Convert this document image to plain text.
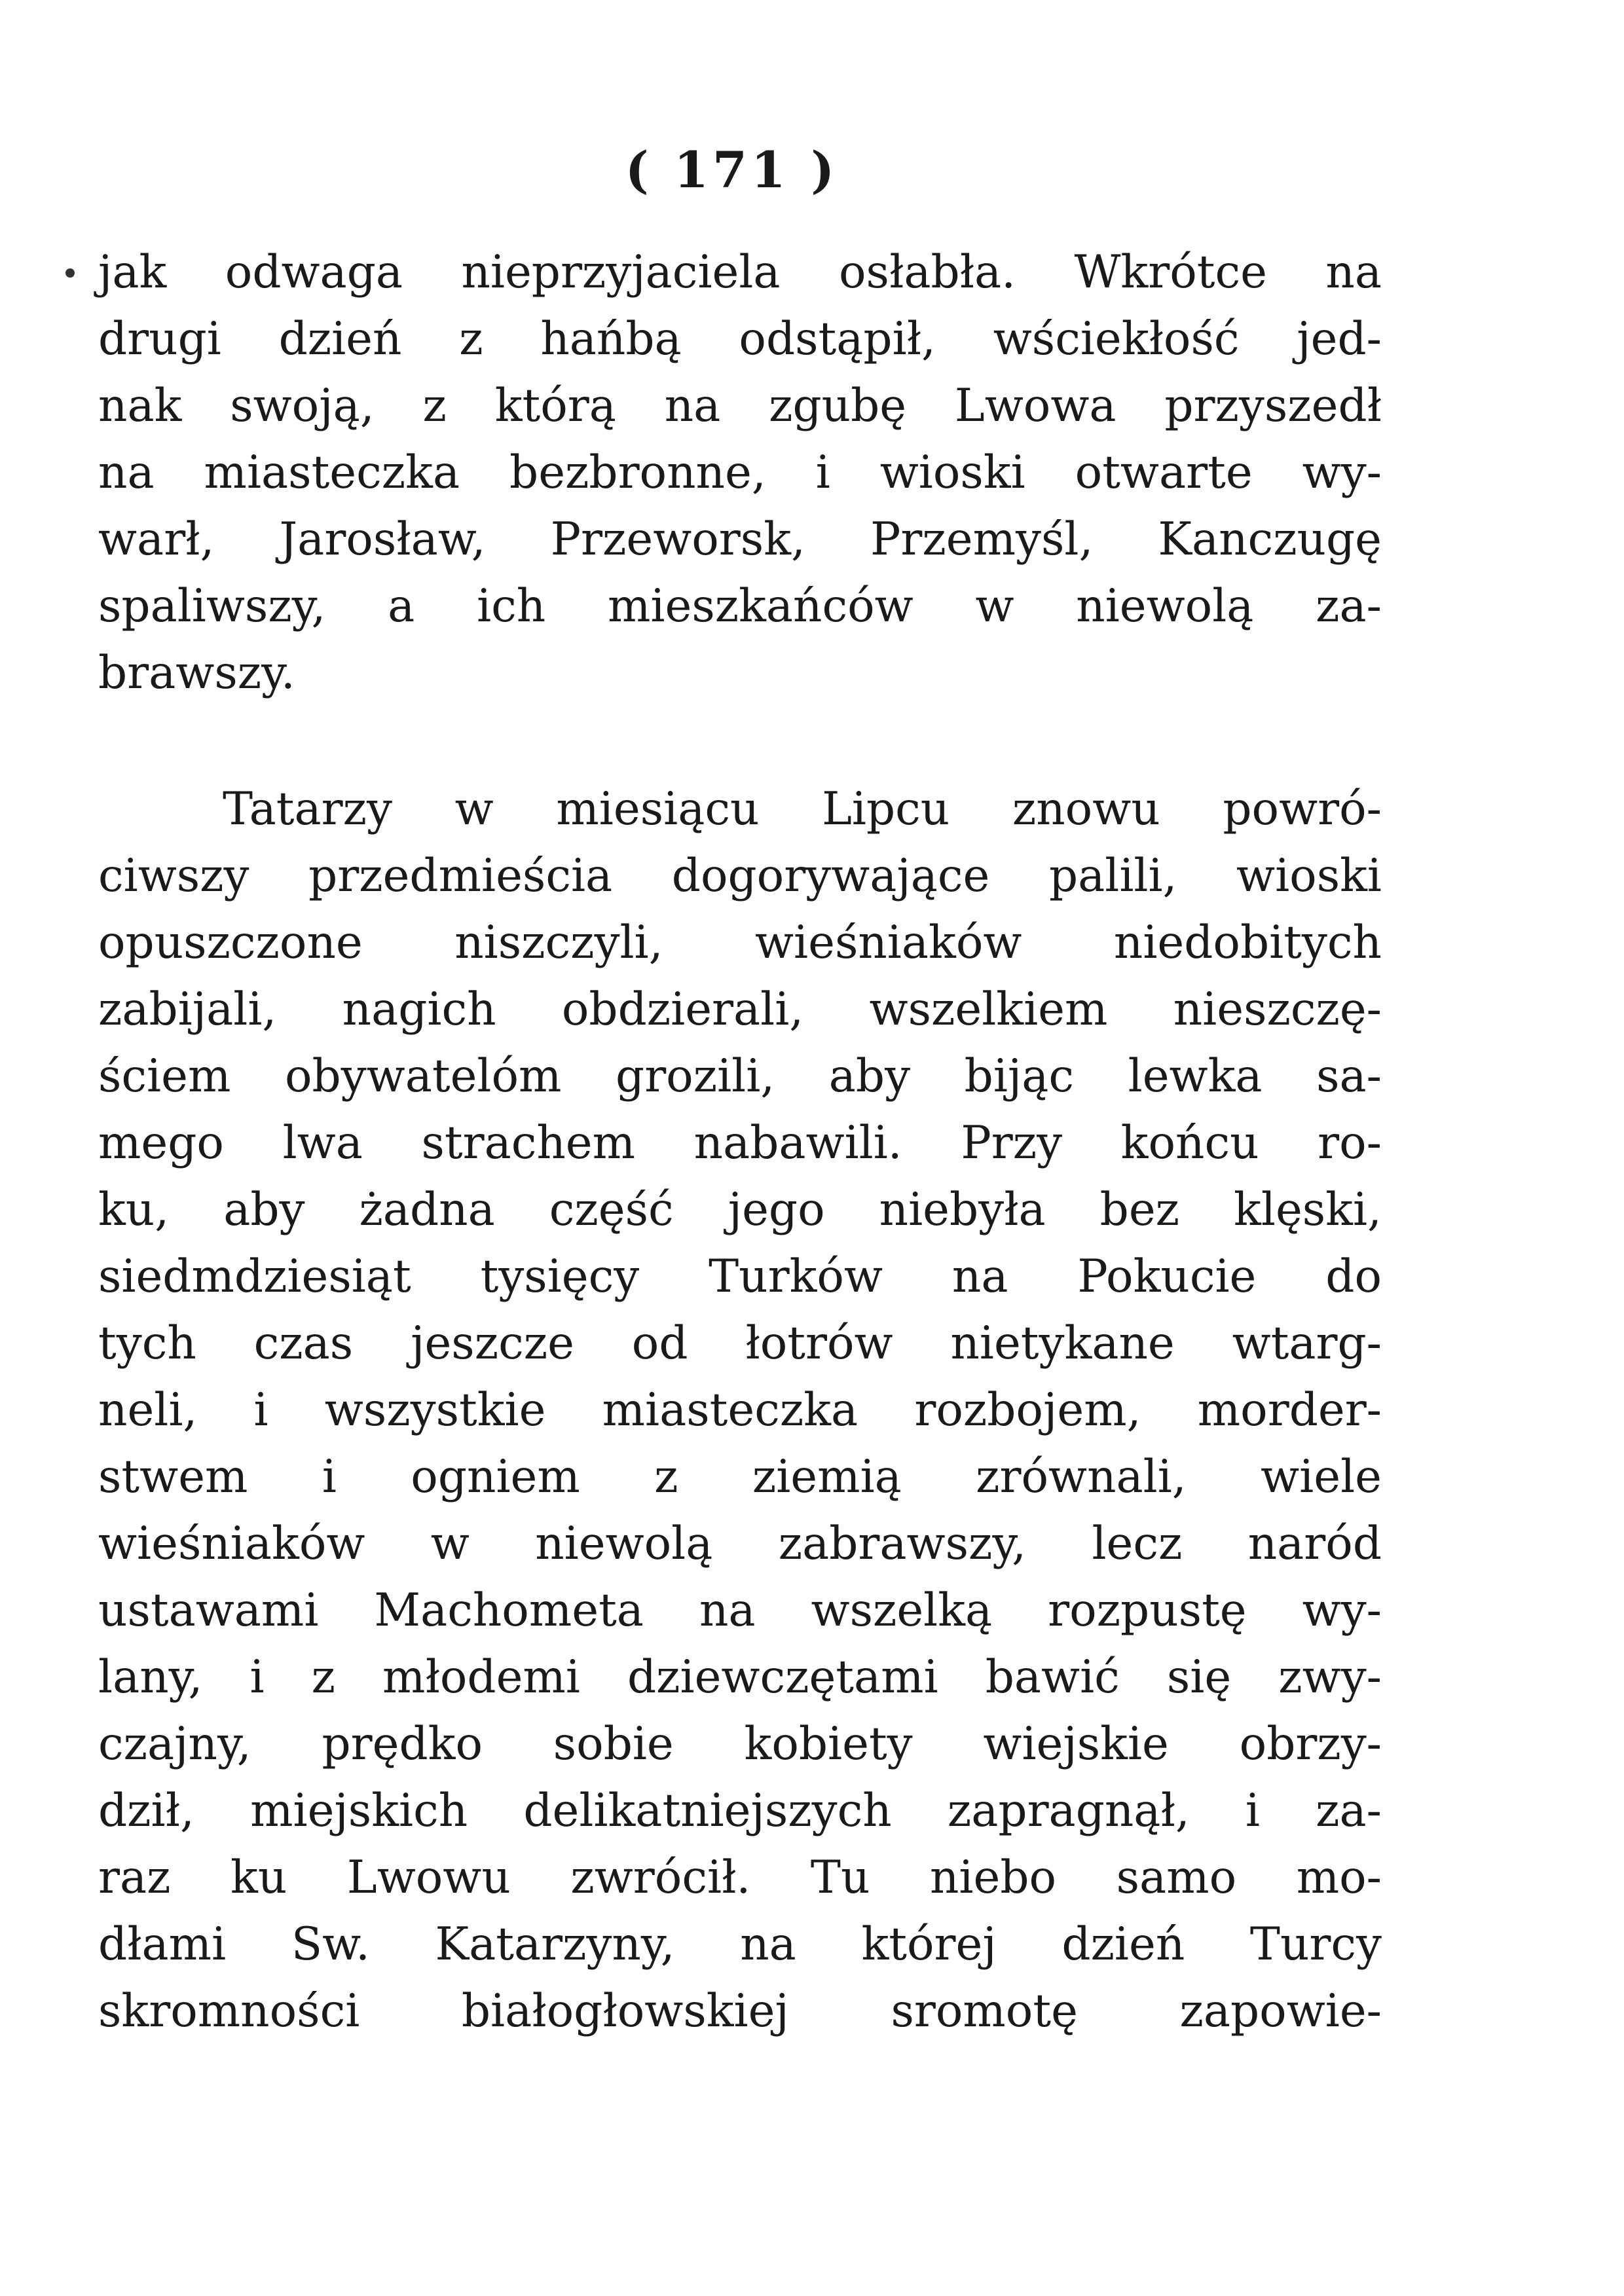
( 171 )
jak odwaga nieprzyjaciela osłabła. Wkrótce na
drugi dzień z hańbą odstąpił, wściekłość jed-
nak swoją, z którą na zgubę Lwowa przyszedł
na miasteczka bezbronne, i wioski otwarte wy-
warł, Jarosław, Przeworsk, Przemyśl, Kanczugę
spaliwszy, a ich mieszkańców w niewolą za-
brawszy.
Tatarzy w miesiącu Lipcu znowu powró-
ciwszy przedmieścia dogorywające palili, wioski
opuszczone niszczyli, wieśniaków niedobitych
zabijali, nagich obdzierali, wszelkiem nieszczę-
ściem obywatelóm grozili, aby bijąc lewka sa-
mego lwa strachem nabawili. Przy końcu ro-
ku, aby żadna część jego niebyła bez klęski,
siedmdziesiąt tysięcy Turków na Pokucie do
tych czas jeszcze od łotrów nietykane wtarg-
neli, i wszystkie miasteczka rozbojem, morder-
stwem i ogniem z ziemią zrównali, wiele
wieśniaków w niewolą zabrawszy, lecz naród
ustawami Machometa na wszelką rozpustę wy-
lany, i z młodemi dziewczętami bawić się zwy-
czajny, prędko sobie kobiety wiejskie obrzy-
dził, miejskich delikatniejszych zapragnął, i za-
raz ku Lwowu zwrócił. Tu niebo samo mo-
dłami Sw. Katarzyny, na której dzień Turcy
skromności białogłowskiej sromotę zapowie-
